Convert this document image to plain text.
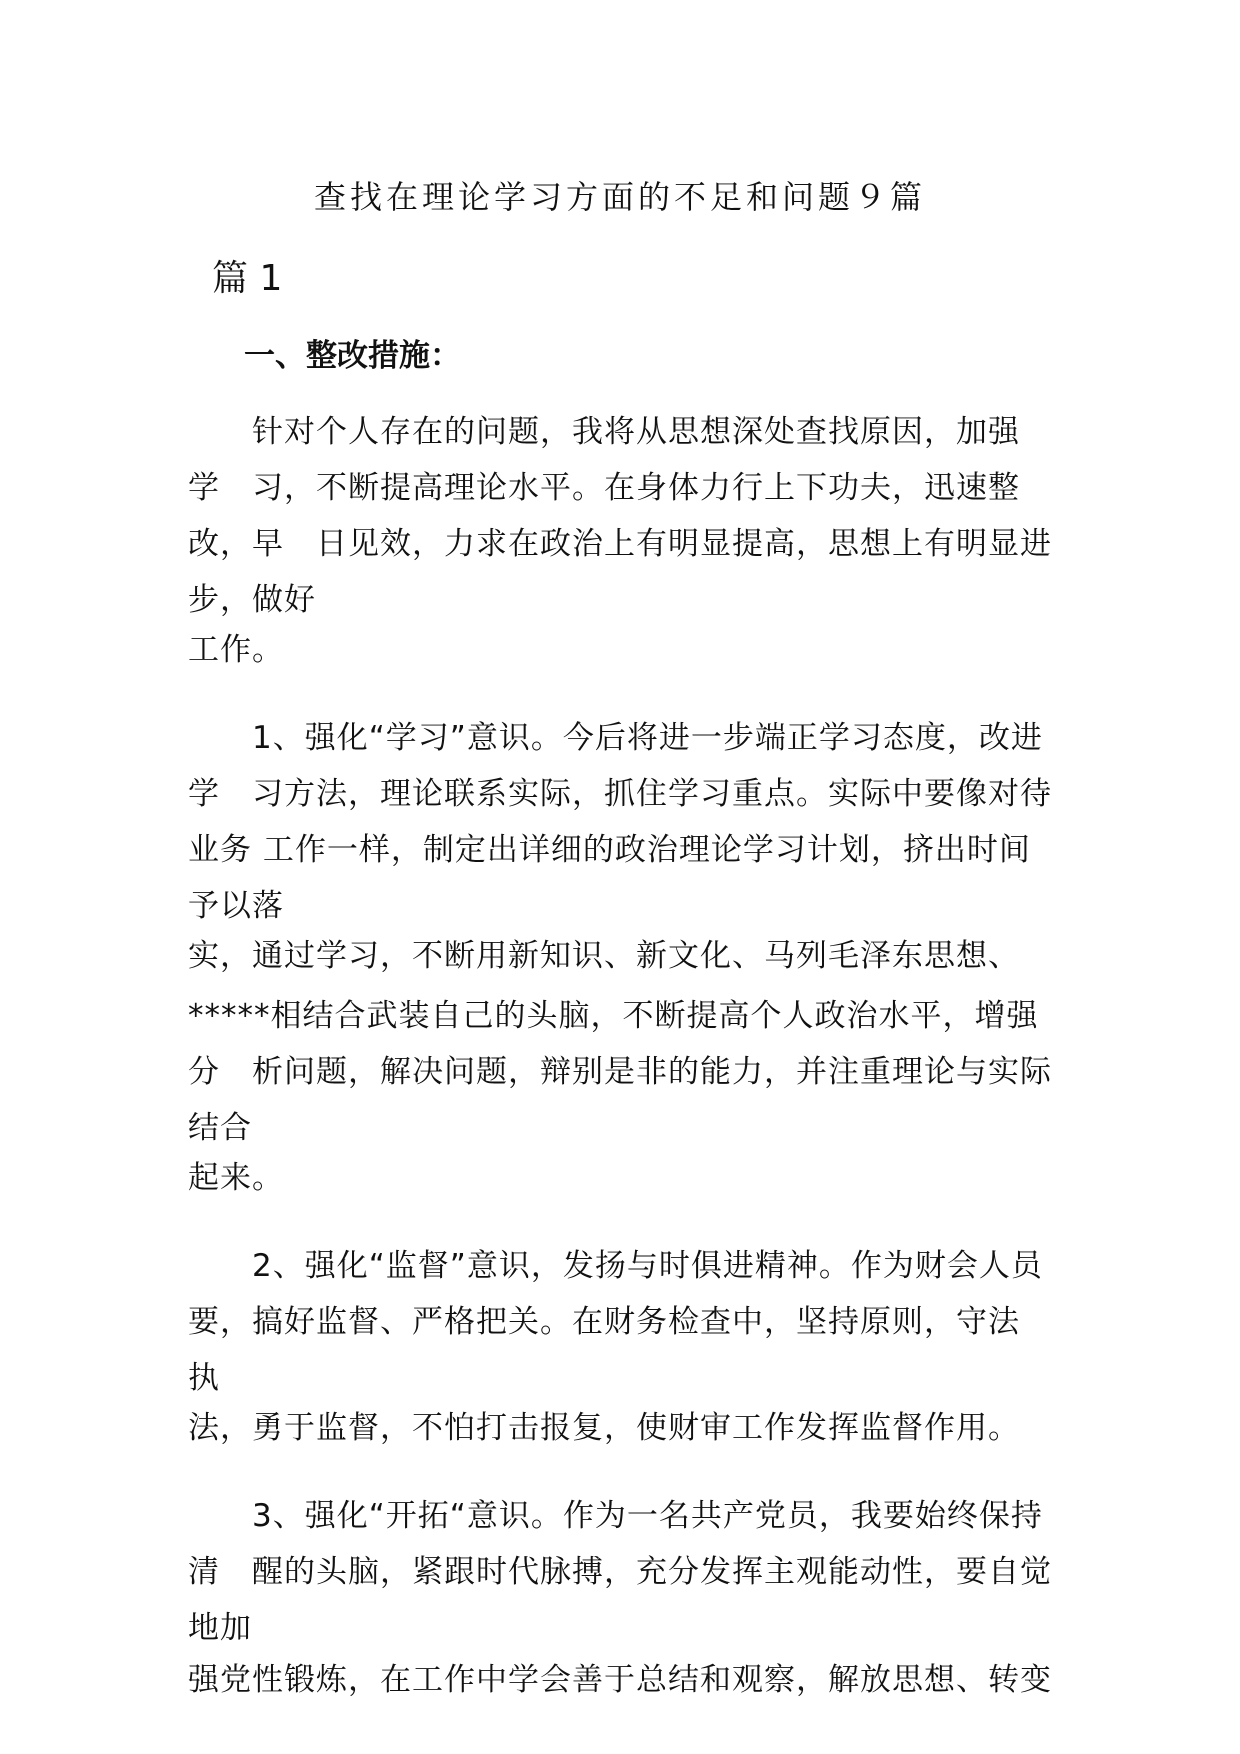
查找在理论学习方面的不足和问题９篇
篇 1
一、整改措施：
　　针对个人存在的问题，我将从思想深处查找原因，加强
学　习，不断提高理论水平。在身体力行上下功夫，迅速整
改，早　日见效，力求在政治上有明显提高，思想上有明显进
步，做好
工作。
　　1、强化“学习”意识。今后将进一步端正学习态度，改进
学　习方法，理论联系实际，抓住学习重点。实际中要像对待
业务 工作一样，制定出详细的政治理论学习计划，挤出时间
予以落
实，通过学习，不断用新知识、新文化、马列毛泽东思想、
*****相结合武装自己的头脑，不断提高个人政治水平，增强
分　析问题，解决问题，辩别是非的能力，并注重理论与实际
结合
起来。
　　2、强化“监督”意识，发扬与时俱进精神。作为财会人员
要，搞好监督、严格把关。在财务检查中，坚持原则，守法
执
法，勇于监督，不怕打击报复，使财审工作发挥监督作用。
　　3、强化“开拓“意识。作为一名共产党员，我要始终保持
清　醒的头脑，紧跟时代脉搏，充分发挥主观能动性，要自觉
地加
强党性锻炼，在工作中学会善于总结和观察，解放思想、转变
